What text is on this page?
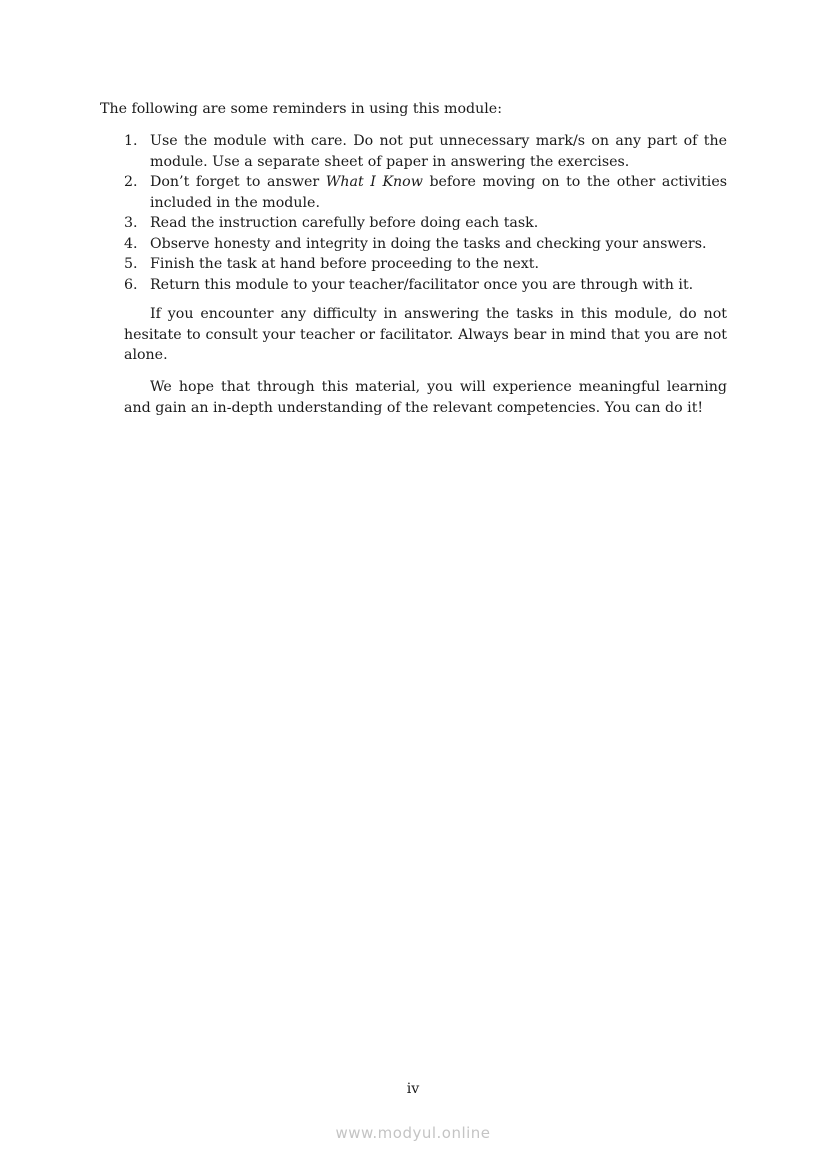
The following are some reminders in using this module:

1. Use the module with care. Do not put unnecessary mark/s on any part of the module. Use a separate sheet of paper in answering the exercises.
2. Don’t forget to answer What I Know before moving on to the other activities included in the module.
3. Read the instruction carefully before doing each task.
4. Observe honesty and integrity in doing the tasks and checking your answers.
5. Finish the task at hand before proceeding to the next.
6. Return this module to your teacher/facilitator once you are through with it.

If you encounter any difficulty in answering the tasks in this module, do not hesitate to consult your teacher or facilitator. Always bear in mind that you are not alone.

We hope that through this material, you will experience meaningful learning and gain an in-depth understanding of the relevant competencies. You can do it!

iv

www.modyul.online
